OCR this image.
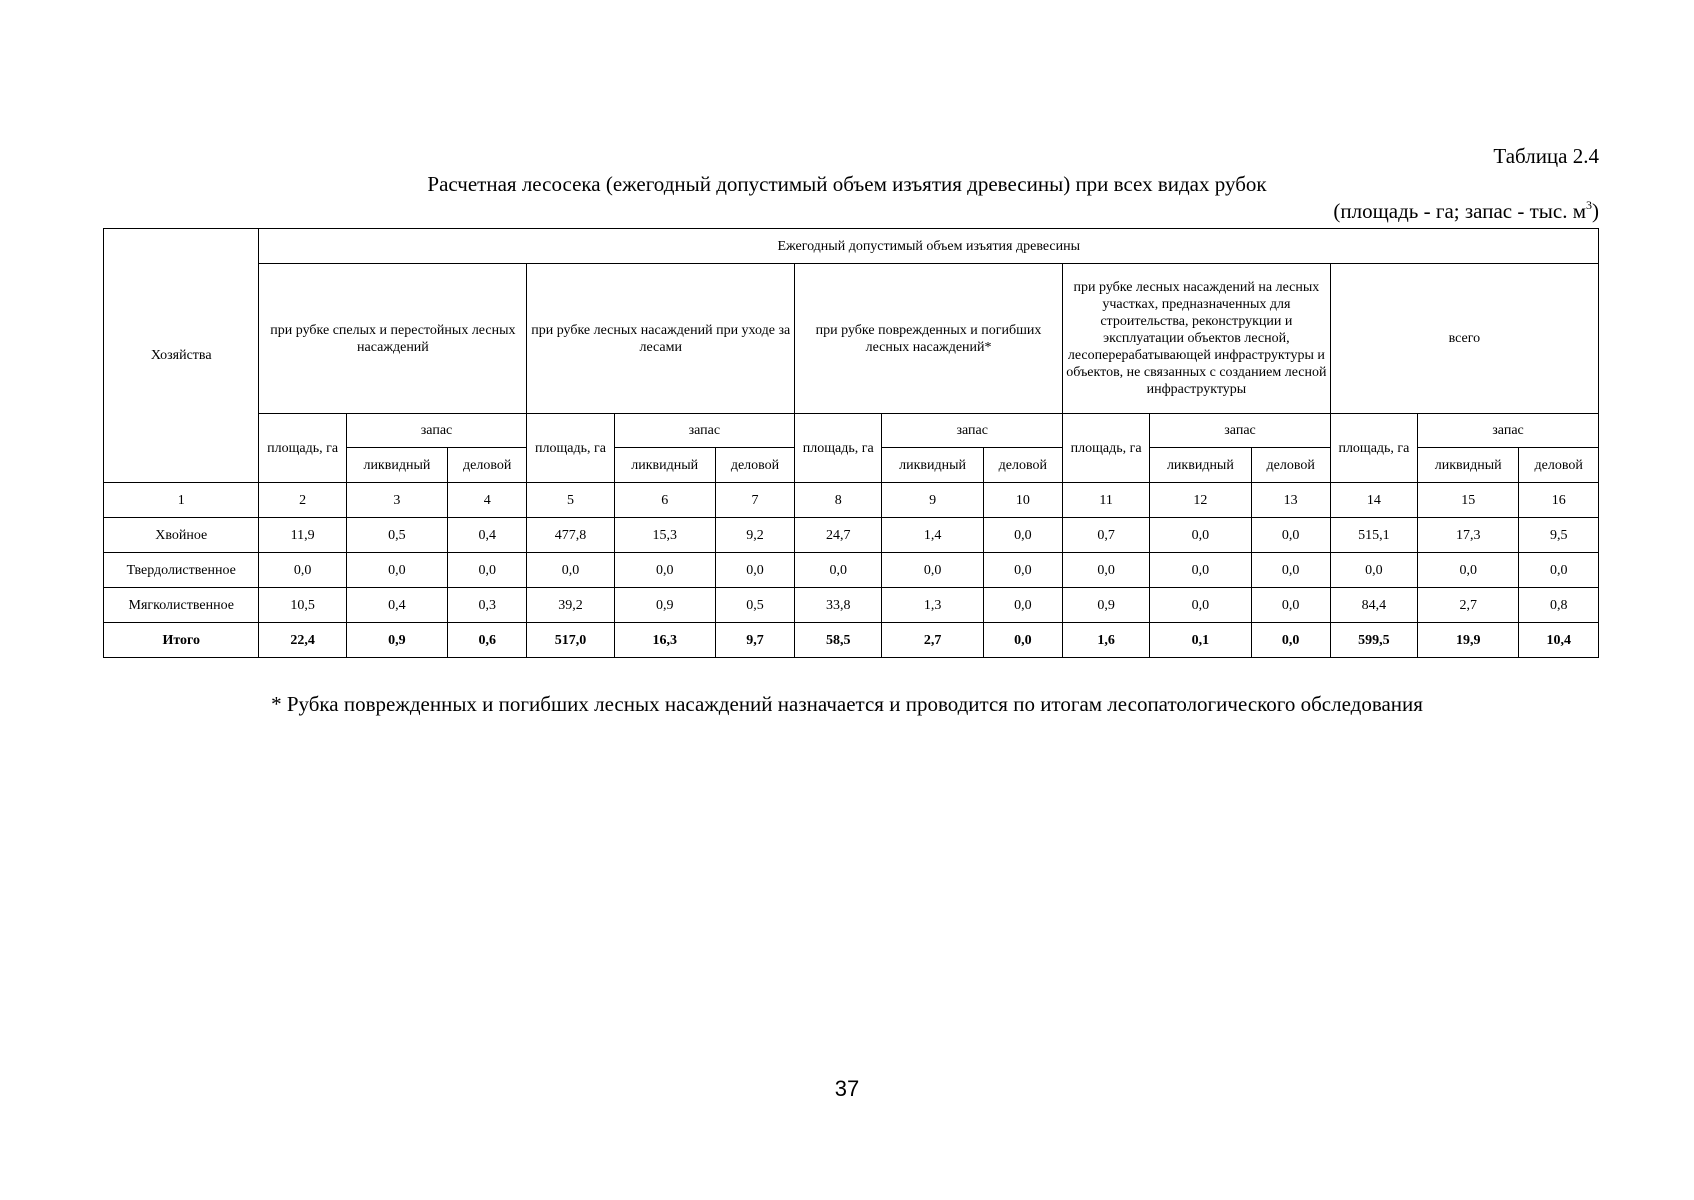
Таблица 2.4
Расчетная лесосека (ежегодный допустимый объем изъятия древесины) при всех видах рубок
(площадь - га; запас - тыс. $м^3$)
Хозяйства	Ежегодный допустимый объем изъятия древесины														
	при рубке спелых и перестойных лесных насаждений			при рубке лесных насаждений при уходе за лесами			при рубке поврежденных и погибших лесных насаждений*			при рубке лесных насаждений на лесных участках, предназначенных для строительства, реконструкции и эксплуатации объектов лесной, лесоперерабатывающей инфраструктуры и объектов, не связанных с созданием лесной инфраструктуры			всего		
	площадь, га	запас		площадь, га	запас		площадь, га	запас		площадь, га	запас		площадь, га	запас	
		ликвидный	деловой		ликвидный	деловой		ликвидный	деловой		ликвидный	деловой		ликвидный	деловой
1	2	3	4	5	6	7	8	9	10	11	12	13	14	15	16
Хвойное	11,9	0,5	0,4	477,8	15,3	9,2	24,7	1,4	0,0	0,7	0,0	0,0	515,1	17,3	9,5
Твердолиственное	0,0	0,0	0,0	0,0	0,0	0,0	0,0	0,0	0,0	0,0	0,0	0,0	0,0	0,0	0,0
Мягколиственное	10,5	0,4	0,3	39,2	0,9	0,5	33,8	1,3	0,0	0,9	0,0	0,0	84,4	2,7	0,8
Итого	22,4	0,9	0,6	517,0	16,3	9,7	58,5	2,7	0,0	1,6	0,1	0,0	599,5	19,9	10,4
* Рубка поврежденных и погибших лесных насаждений назначается и проводится по итогам лесопатологического обследования
37
